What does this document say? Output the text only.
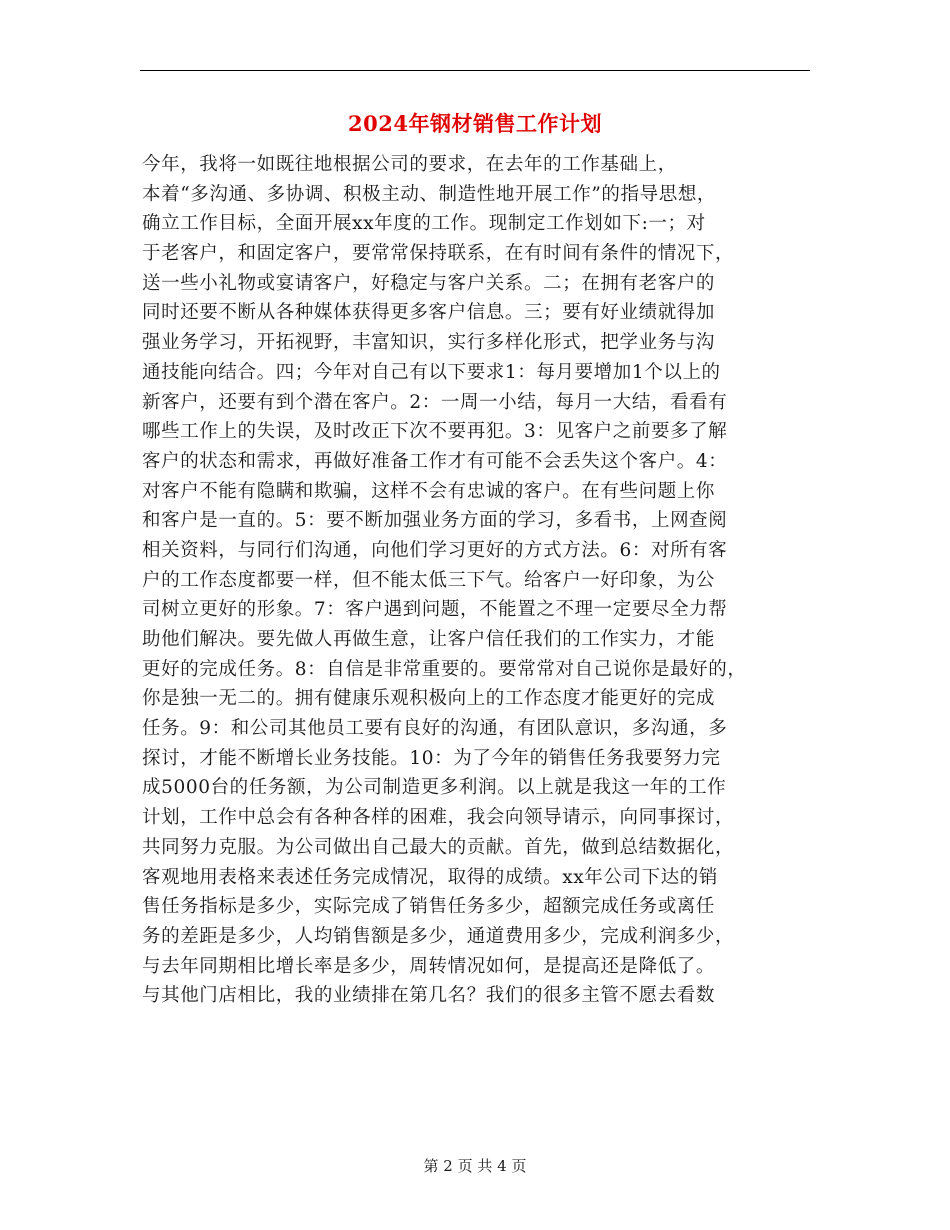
2024年钢材销售工作计划
今年，我将一如既往地根据公司的要求，在去年的工作基础上，
本着“多沟通、多协调、积极主动、制造性地开展工作”的指导思想，
确立工作目标，全面开展xx年度的工作。现制定工作划如下:一；对
于老客户，和固定客户，要常常保持联系，在有时间有条件的情况下，
送一些小礼物或宴请客户，好稳定与客户关系。二；在拥有老客户的
同时还要不断从各种媒体获得更多客户信息。三；要有好业绩就得加
强业务学习，开拓视野，丰富知识，实行多样化形式，把学业务与沟
通技能向结合。四；今年对自己有以下要求1：每月要增加1个以上的
新客户，还要有到个潜在客户。2：一周一小结，每月一大结，看看有
哪些工作上的失误，及时改正下次不要再犯。3：见客户之前要多了解
客户的状态和需求，再做好准备工作才有可能不会丢失这个客户。4：
对客户不能有隐瞒和欺骗，这样不会有忠诚的客户。在有些问题上你
和客户是一直的。5：要不断加强业务方面的学习，多看书，上网查阅
相关资料，与同行们沟通，向他们学习更好的方式方法。6：对所有客
户的工作态度都要一样，但不能太低三下气。给客户一好印象，为公
司树立更好的形象。7：客户遇到问题，不能置之不理一定要尽全力帮
助他们解决。要先做人再做生意，让客户信任我们的工作实力，才能
更好的完成任务。8：自信是非常重要的。要常常对自己说你是最好的，
你是独一无二的。拥有健康乐观积极向上的工作态度才能更好的完成
任务。9：和公司其他员工要有良好的沟通，有团队意识，多沟通，多
探讨，才能不断增长业务技能。10：为了今年的销售任务我要努力完
成5000台的任务额，为公司制造更多利润。以上就是我这一年的工作
计划，工作中总会有各种各样的困难，我会向领导请示，向同事探讨，
共同努力克服。为公司做出自己最大的贡献。首先，做到总结数据化，
客观地用表格来表述任务完成情况，取得的成绩。xx年公司下达的销
售任务指标是多少，实际完成了销售任务多少，超额完成任务或离任
务的差距是多少，人均销售额是多少，通道费用多少，完成利润多少，
与去年同期相比增长率是多少，周转情况如何，是提高还是降低了。
与其他门店相比，我的业绩排在第几名？我们的很多主管不愿去看数
第 2 页 共 4 页
